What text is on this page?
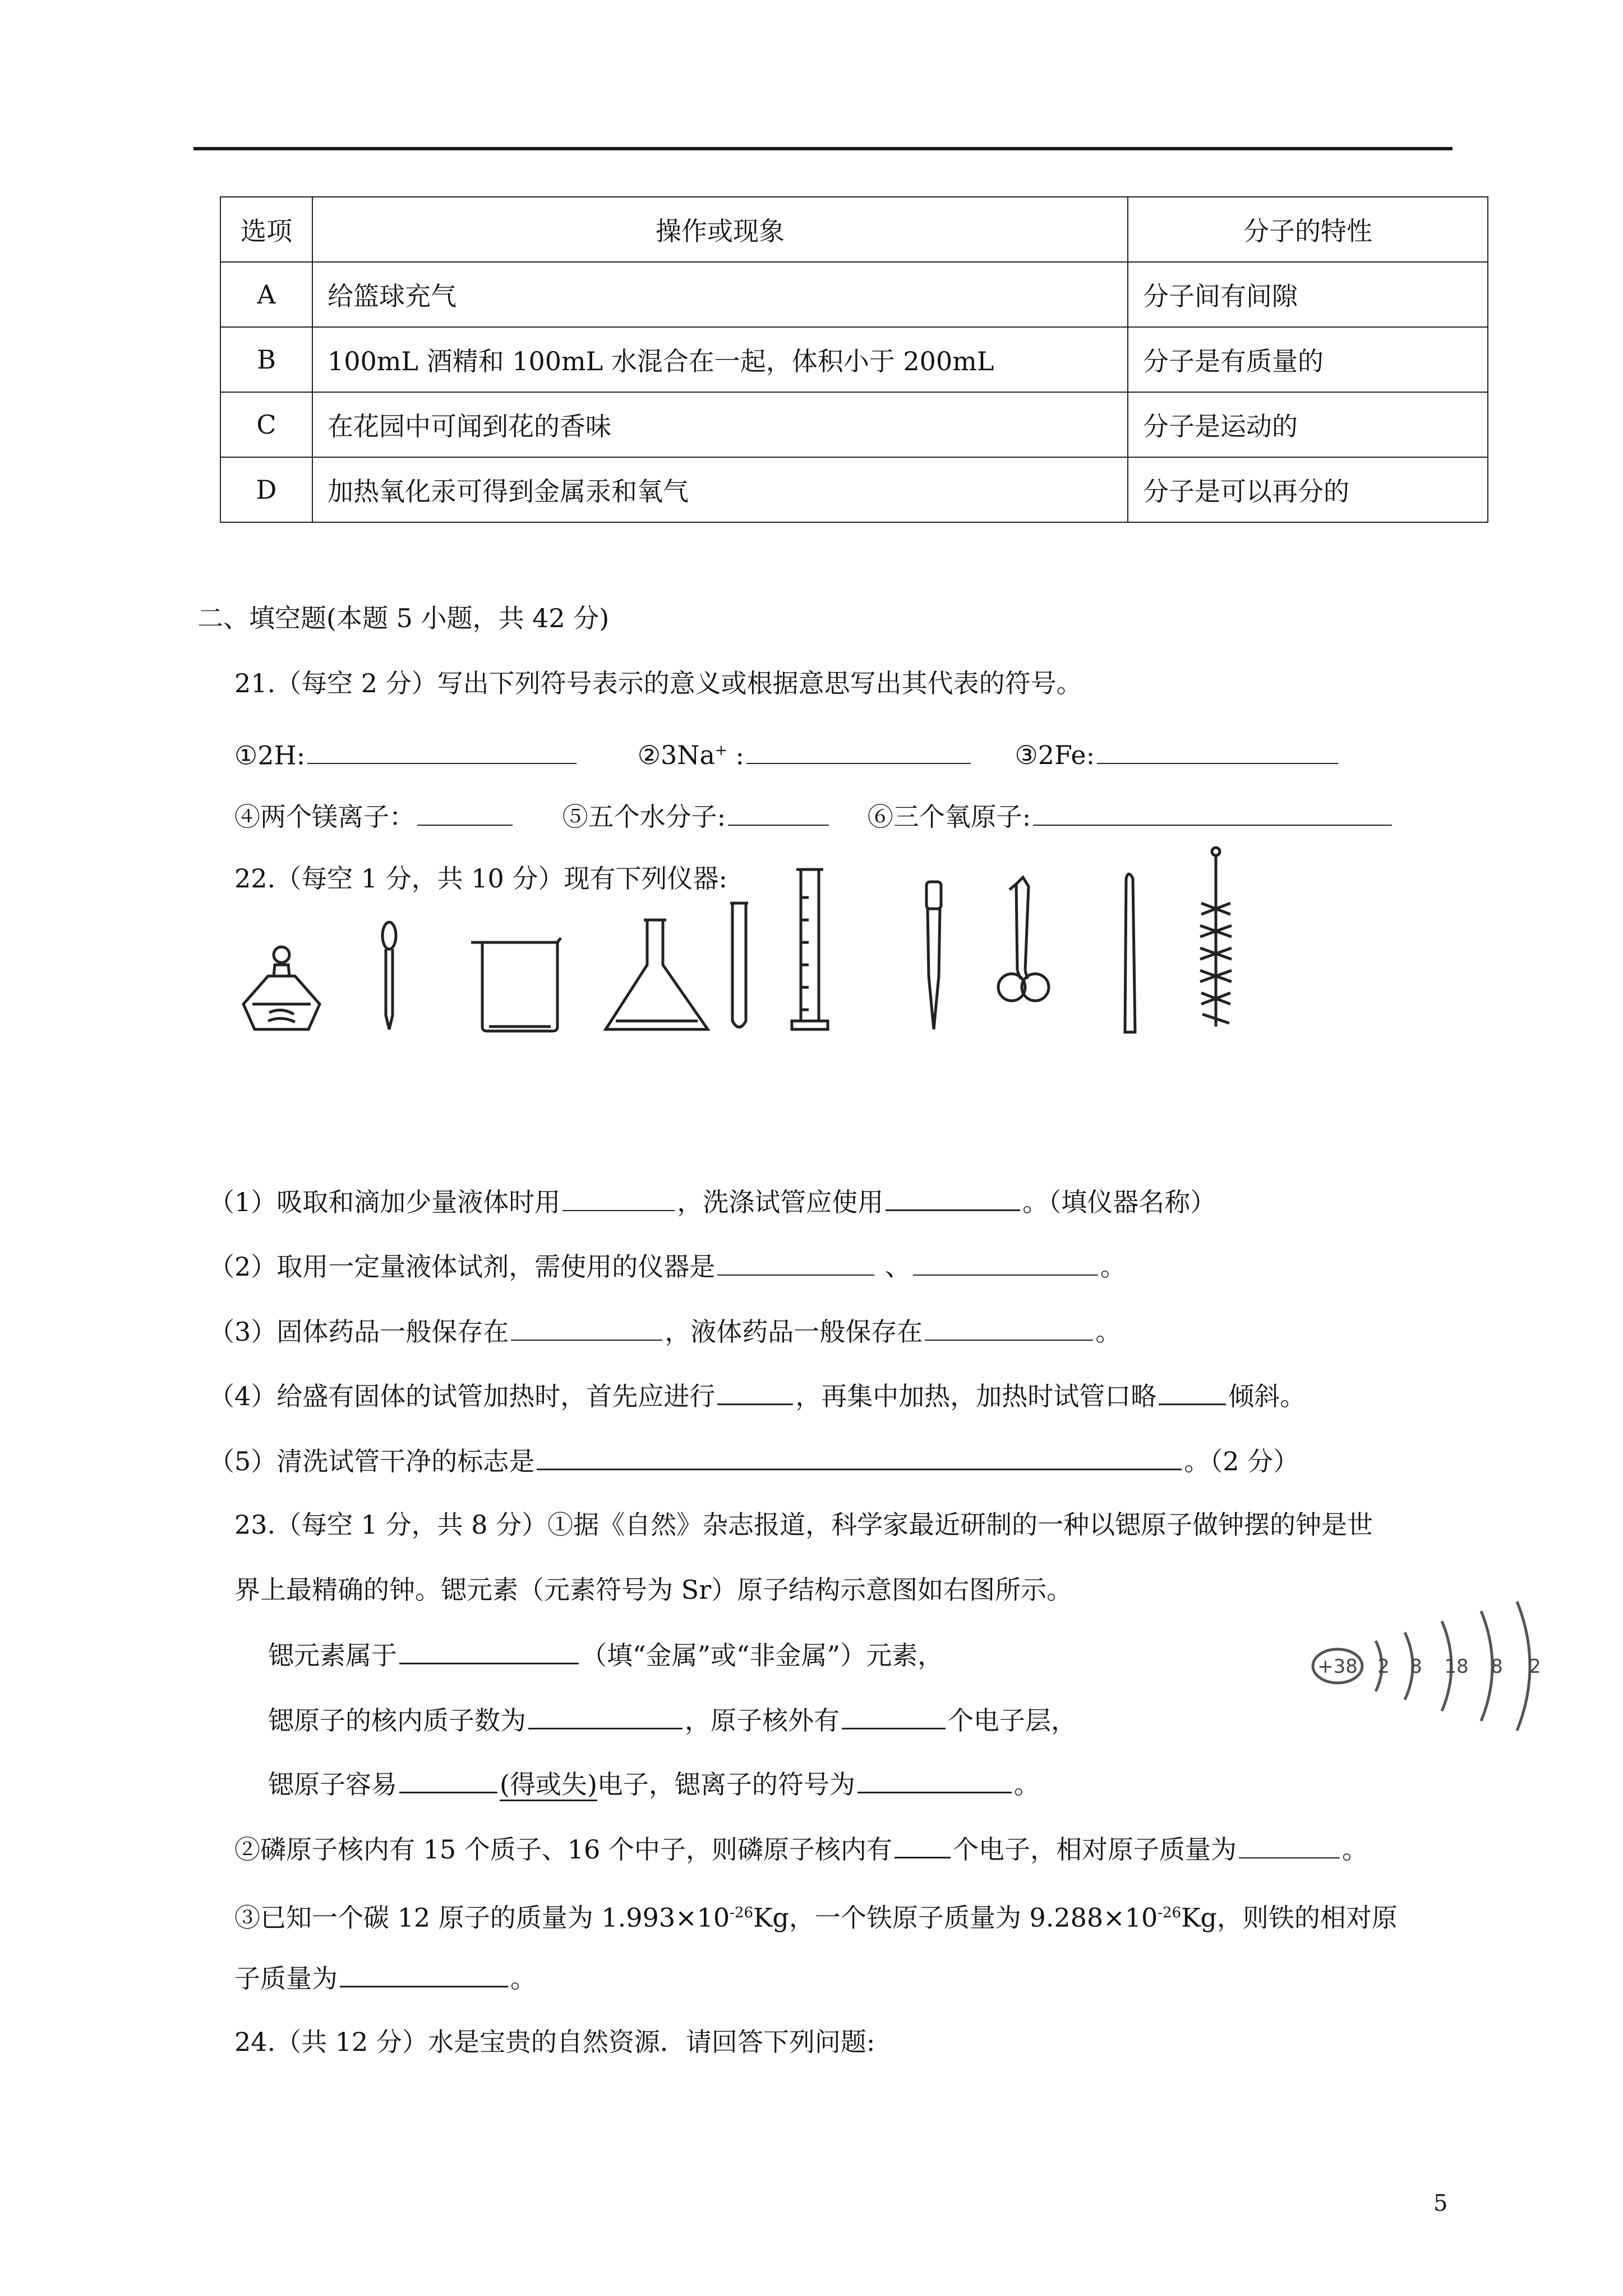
选项	操作或现象	分子的特性
A	给篮球充气	分子间有间隙
B	100mL 酒精和 100mL 水混合在一起，体积小于 200mL	分子是有质量的
C	在花园中可闻到花的香味	分子是运动的
D	加热氧化汞可得到金属汞和氧气	分子是可以再分的
二、填空题(本题 5 小题，共 42 分)
21.（每空 2 分）写出下列符号表示的意义或根据意思写出其代表的符号。
①2H:	②3Na+ :	③2Fe:
④两个镁离子：	⑤五个水分子:	⑥三个氧原子:
22.（每空 1 分，共 10 分）现有下列仪器:
（1）吸取和滴加少量液体时用	，洗涤试管应使用	。（填仪器名称）
（2）取用一定量液体试剂，需使用的仪器是	、	。
（3）固体药品一般保存在	，液体药品一般保存在	。
（4）给盛有固体的试管加热时，首先应进行	，再集中加热，加热时试管口略	倾斜。
（5）清洗试管干净的标志是	。（2 分）
23.（每空 1 分，共 8 分）①据《自然》杂志报道，科学家最近研制的一种以锶原子做钟摆的钟是世
界上最精确的钟。锶元素（元素符号为 Sr）原子结构示意图如右图所示。
锶元素属于	（填“金属”或“非金属”）元素，
锶原子的核内质子数为	，原子核外有	个电子层，
锶原子容易	(得或失)电子，锶离子的符号为	。
②磷原子核内有 15 个质子、16 个中子，则磷原子核内有 个电子，相对原子质量为	。
③已知一个碳 12 原子的质量为 $1.993\times 10^{-26}Kg$，一个铁原子质量为 $9.288\times 10^{-26}Kg$，则铁的相对原
子质量为	。
+38 2 8 18 8 2
24.（共 12 分）水是宝贵的自然资源．请回答下列问题:
5
